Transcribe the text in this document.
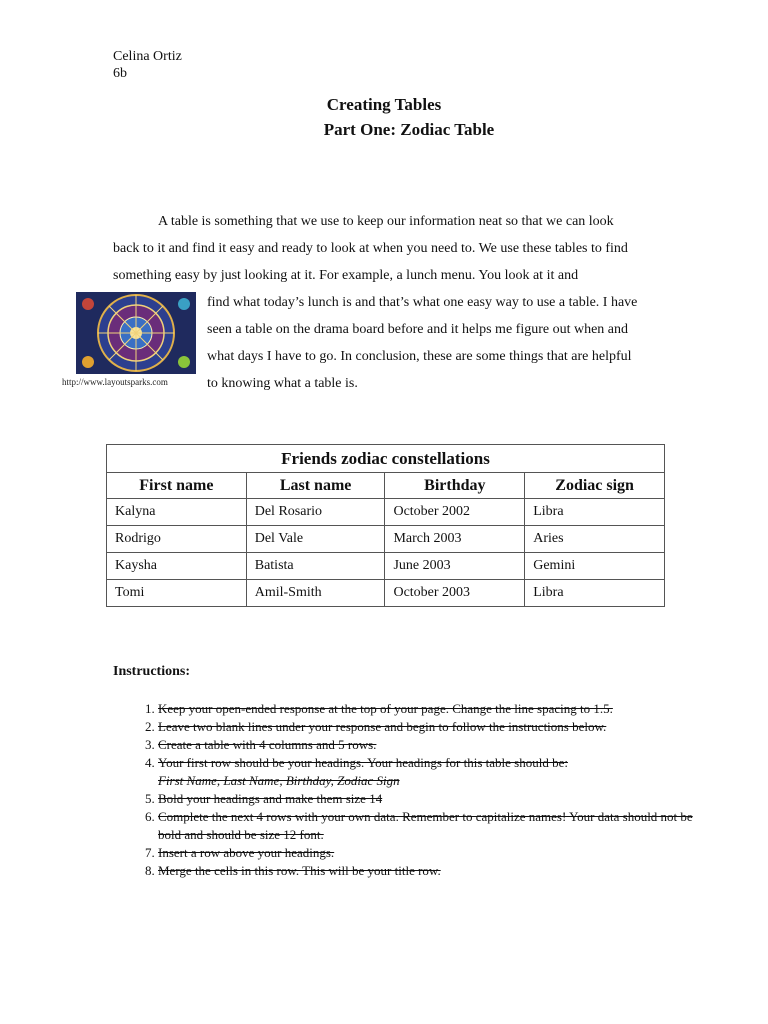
Celina Ortiz
6b
Creating Tables
Part One: Zodiac Table
A table is something that we use to keep our information neat so that we can look back to it and find it easy and ready to look at when you need to. We use these tables to find something easy by just looking at it. For example, a lunch menu. You look at it and
http://www.layoutsparks.com
find what today’s lunch is and that’s what one easy way to use a table. I have seen a table on the drama board before and it helps me figure out when and what days I have to go. In conclusion, these are some things that are helpful to knowing what a table is.
Friends zodiac constellations			
First name	Last name	Birthday	Zodiac sign
Kalyna	Del Rosario	October 2002	Libra
Rodrigo	Del Vale	March 2003	Aries
Kaysha	Batista	June 2003	Gemini
Tomi	Amil-Smith	October 2003	Libra
Instructions:
1. Keep your open-ended response at the top of your page. Change the line spacing to 1.5.
2. Leave two blank lines under your response and begin to follow the instructions below.
3. Create a table with 4 columns and 5 rows.
4. Your first row should be your headings. Your headings for this table should be:
First Name, Last Name, Birthday, Zodiac Sign
5. Bold your headings and make them size 14
6. Complete the next 4 rows with your own data. Remember to capitalize names! Your data should not be bold and should be size 12 font.
7. Insert a row above your headings.
8. Merge the cells in this row. This will be your title row.
